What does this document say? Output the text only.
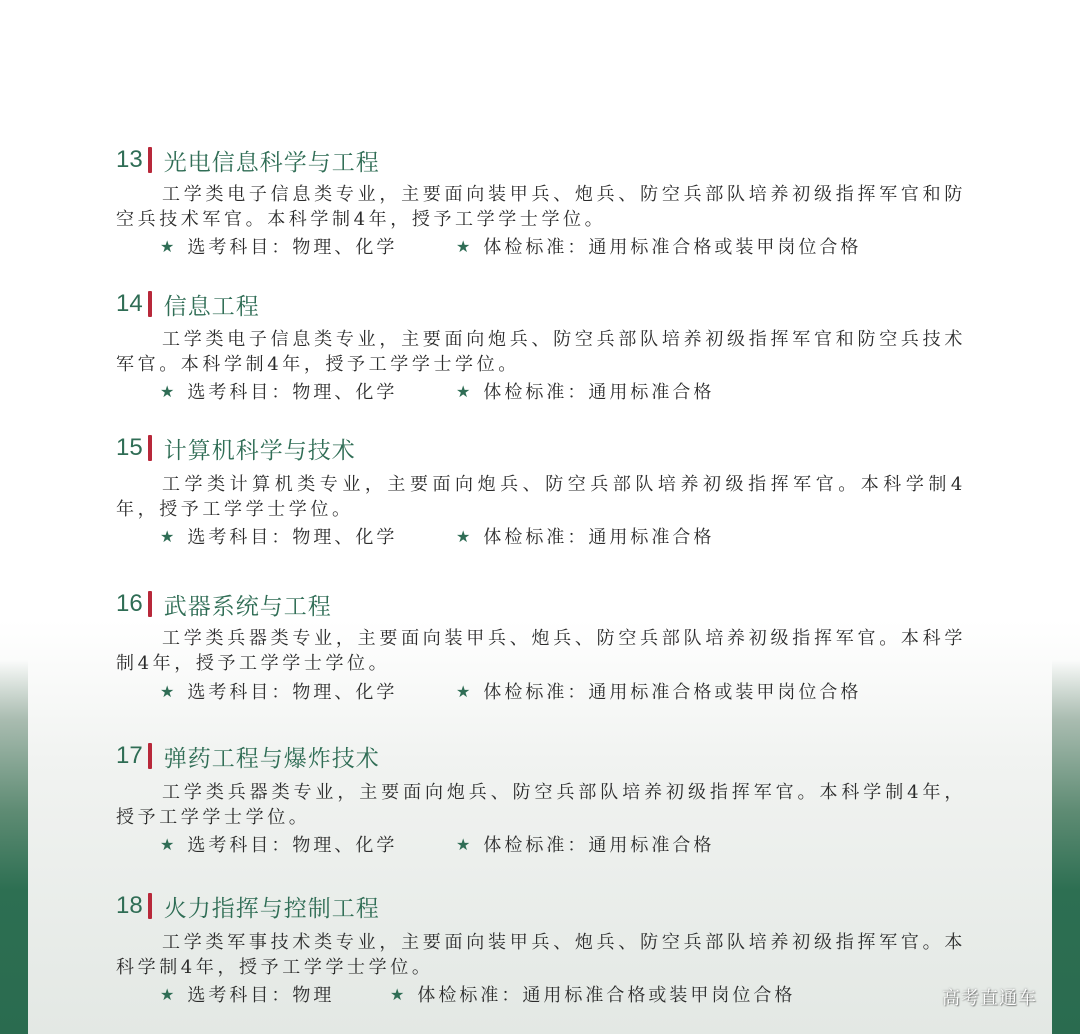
13 光电信息科学与工程
工学类电子信息类专业，主要面向装甲兵、炮兵、防空兵部队培养初级指挥军官和防空兵技术军官。本科学制4年，授予工学学士学位。
★ 选考科目：物理、化学	★ 体检标准：通用标准合格或装甲岗位合格
14 信息工程
工学类电子信息类专业，主要面向炮兵、防空兵部队培养初级指挥军官和防空兵技术军官。本科学制4年，授予工学学士学位。
★ 选考科目：物理、化学	★ 体检标准：通用标准合格
15 计算机科学与技术
工学类计算机类专业，主要面向炮兵、防空兵部队培养初级指挥军官。本科学制4年，授予工学学士学位。
★ 选考科目：物理、化学	★ 体检标准：通用标准合格
16 武器系统与工程
工学类兵器类专业，主要面向装甲兵、炮兵、防空兵部队培养初级指挥军官。本科学制4年，授予工学学士学位。
★ 选考科目：物理、化学	★ 体检标准：通用标准合格或装甲岗位合格
17 弹药工程与爆炸技术
工学类兵器类专业，主要面向炮兵、防空兵部队培养初级指挥军官。本科学制4年，授予工学学士学位。
★ 选考科目：物理、化学	★ 体检标准：通用标准合格
18 火力指挥与控制工程
工学类军事技术类专业，主要面向装甲兵、炮兵、防空兵部队培养初级指挥军官。本科学制4年，授予工学学士学位。
★ 选考科目：物理	★ 体检标准：通用标准合格或装甲岗位合格	高考直通车
